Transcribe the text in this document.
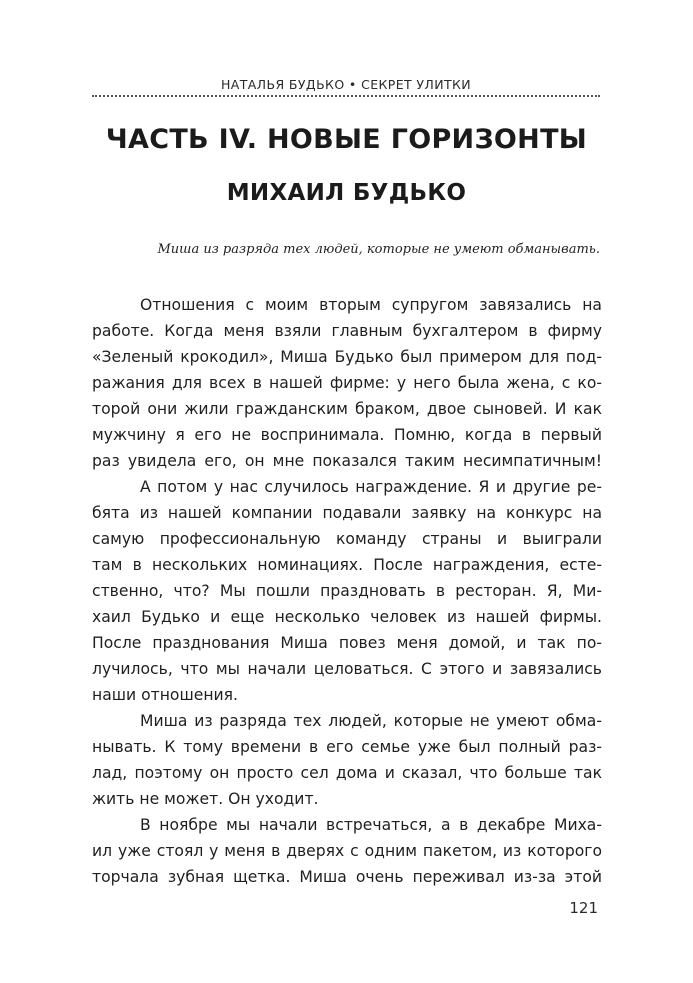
НАТАЛЬЯ БУДЬКО • СЕКРЕТ УЛИТКИ
ЧАСТЬ IV. НОВЫЕ ГОРИЗОНТЫ
МИХАИЛ БУДЬКО
Миша из разряда тех людей, которые не умеют обманывать.

Отношения с моим вторым супругом завязались на
работе. Когда меня взяли главным бухгалтером в фирму
«Зеленый крокодил», Миша Будько был примером для под-
ражания для всех в нашей фирме: у него была жена, с ко-
торой они жили гражданским браком, двое сыновей. И как
мужчину я его не воспринимала. Помню, когда в первый
раз увидела его, он мне показался таким несимпатичным!

А потом у нас случилось награждение. Я и другие ре-
бята из нашей компании подавали заявку на конкурс на
самую профессиональную команду страны и выиграли
там в нескольких номинациях. После награждения, есте-
ственно, что? Мы пошли праздновать в ресторан. Я, Ми-
хаил Будько и еще несколько человек из нашей фирмы.
После празднования Миша повез меня домой, и так по-
лучилось, что мы начали целоваться. С этого и завязались
наши отношения.

Миша из разряда тех людей, которые не умеют обма-
нывать. К тому времени в его семье уже был полный раз-
лад, поэтому он просто сел дома и сказал, что больше так
жить не может. Он уходит.

В ноябре мы начали встречаться, а в декабре Миха-
ил уже стоял у меня в дверях с одним пакетом, из которого
торчала зубная щетка. Миша очень переживал из-за этой

121
